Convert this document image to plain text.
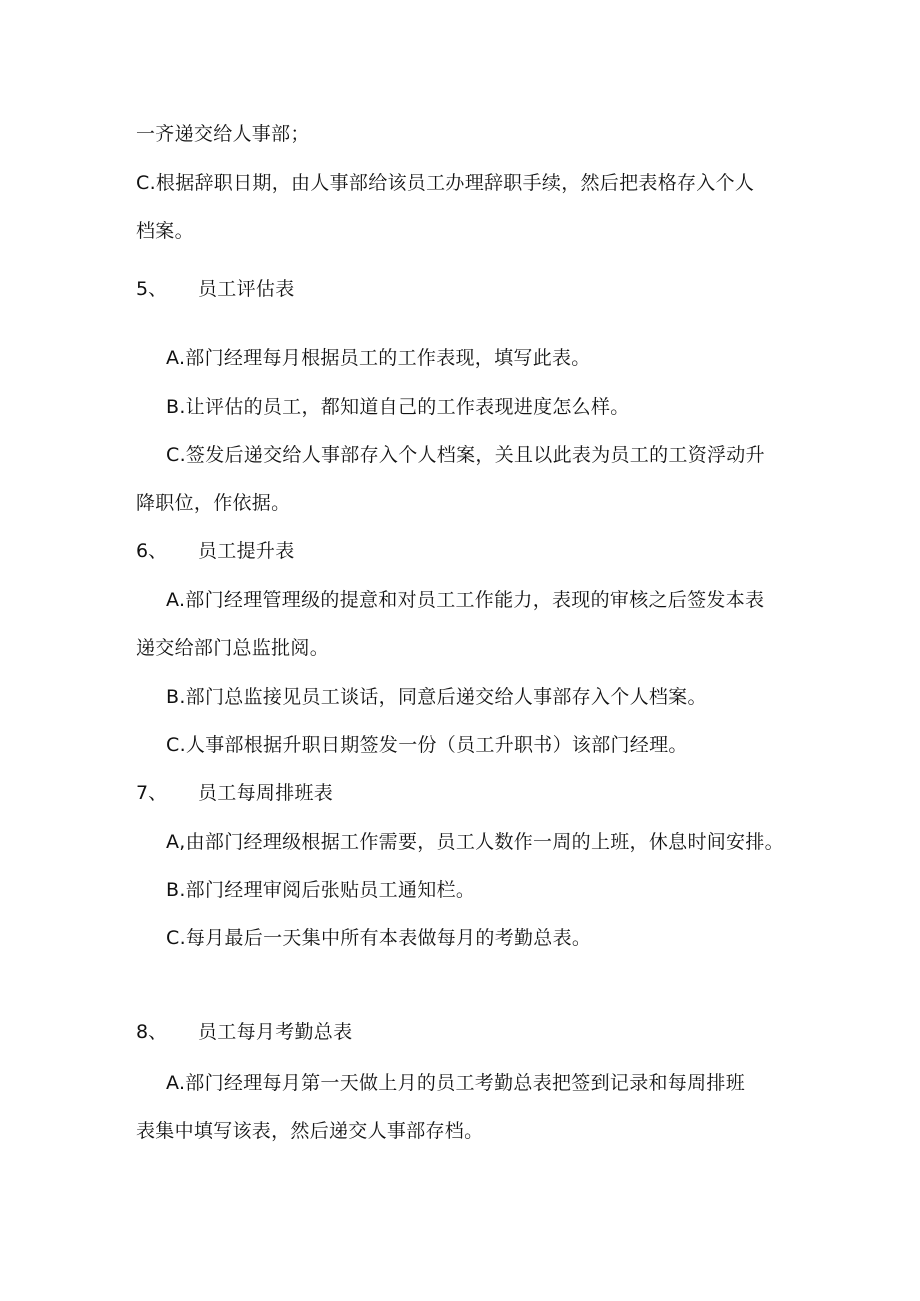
一齐递交给人事部；
C.根据辞职日期，由人事部给该员工办理辞职手续，然后把表格存入个人
档案。
5、 员工评估表
A.部门经理每月根据员工的工作表现，填写此表。
B.让评估的员工，都知道自己的工作表现进度怎么样。
C.签发后递交给人事部存入个人档案，关且以此表为员工的工资浮动升
降职位，作依据。
6、 员工提升表
A.部门经理管理级的提意和对员工工作能力，表现的审核之后签发本表
递交给部门总监批阅。
B.部门总监接见员工谈话，同意后递交给人事部存入个人档案。
C.人事部根据升职日期签发一份（员工升职书）该部门经理。
7、 员工每周排班表
A,由部门经理级根据工作需要，员工人数作一周的上班，休息时间安排。
B.部门经理审阅后张贴员工通知栏。
C.每月最后一天集中所有本表做每月的考勤总表。
8、 员工每月考勤总表
A.部门经理每月第一天做上月的员工考勤总表把签到记录和每周排班
表集中填写该表，然后递交人事部存档。
